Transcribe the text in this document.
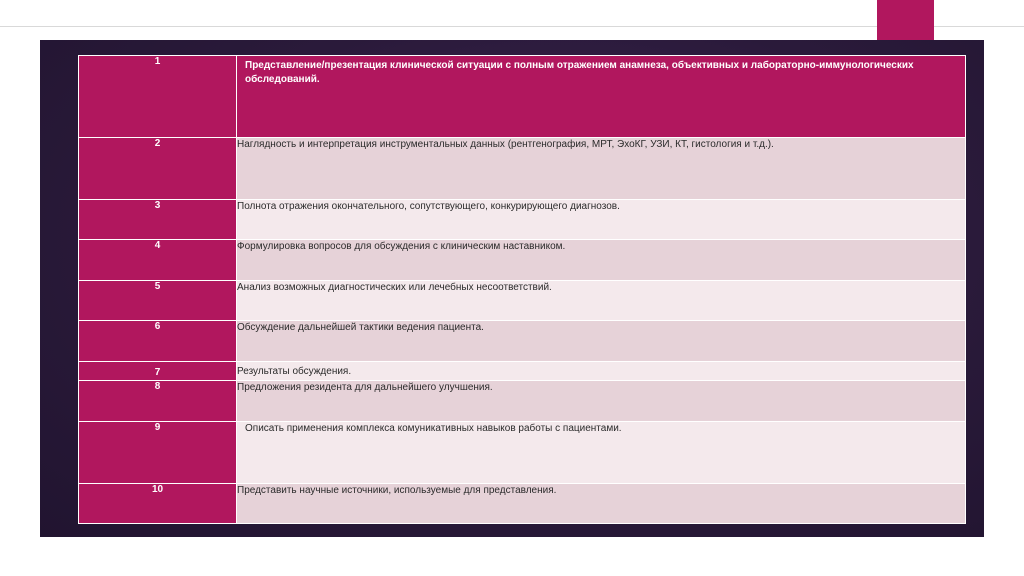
1	Представление/презентация клинической ситуации с полным отражением анамнеза, объективных и лабораторно-иммунологических обследований.
2	Наглядность и интерпретация инструментальных данных (рентгенография, МРТ, ЭхоКГ, УЗИ, КТ, гистология и т.д.).
3	Полнота отражения окончательного, сопутствующего, конкурирующего диагнозов.
4	Формулировка вопросов для обсуждения с клиническим наставником.
5	Анализ возможных диагностических или лечебных несоответствий.
6	Обсуждение дальнейшей тактики ведения пациента.
7	Результаты обсуждения.
8	Предложения резидента для дальнейшего улучшения.
9	Описать применения комплекса комуникативных навыков работы с пациентами.
10	Представить научные источники, используемые для представления.
